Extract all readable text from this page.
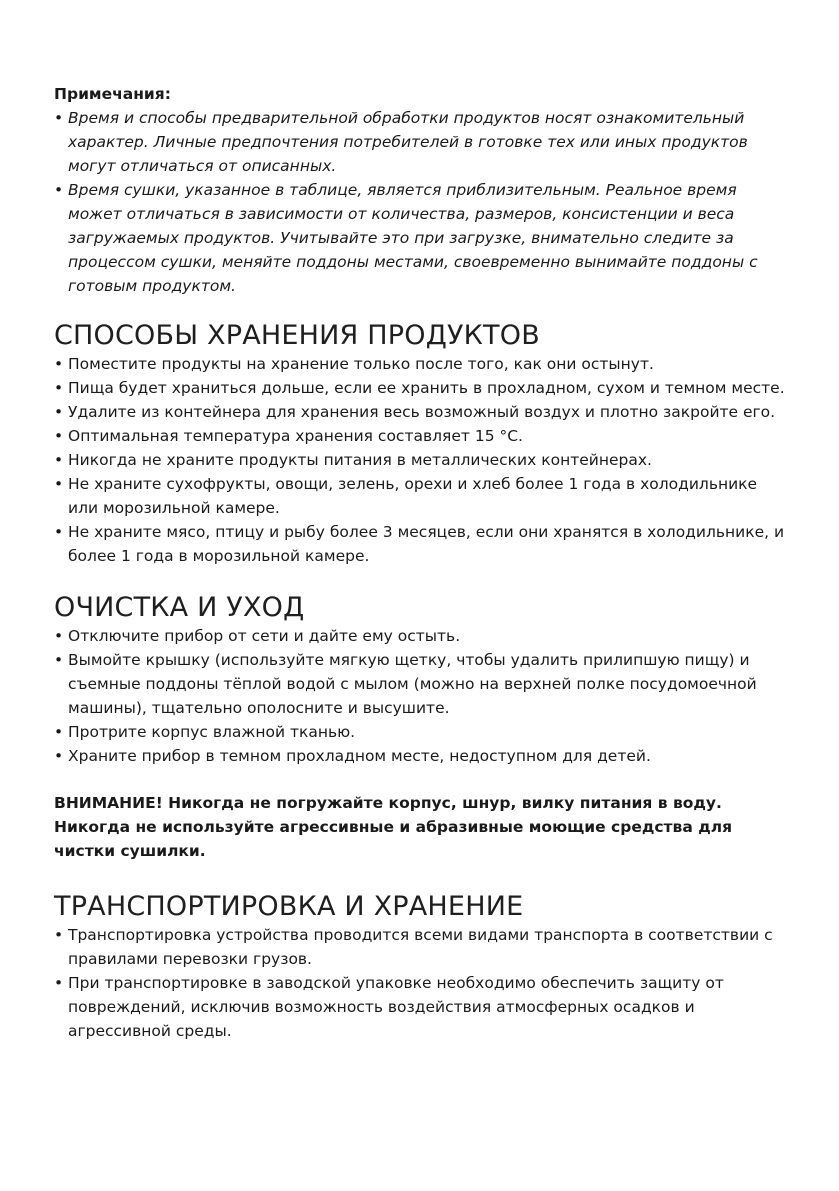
Примечания:

• Время и способы предварительной обработки продуктов носят ознакомительный характер. Личные предпочтения потребителей в готовке тех или иных продуктов могут отличаться от описанных.
• Время сушки, указанное в таблице, является приблизительным. Реальное время может отличаться в зависимости от количества, размеров, консистенции и веса загружаемых продуктов. Учитывайте это при загрузке, внимательно следите за процессом сушки, меняйте поддоны местами, своевременно вынимайте поддоны с готовым продуктом.
СПОСОБЫ ХРАНЕНИЯ ПРОДУКТОВ
• Поместите продукты на хранение только после того, как они остынут.
• Пища будет храниться дольше, если ее хранить в прохладном, сухом и темном месте.
• Удалите из контейнера для хранения весь возможный воздух и плотно закройте его.
• Оптимальная температура хранения составляет 15 °С.
• Никогда не храните продукты питания в металлических контейнерах.
• Не храните сухофрукты, овощи, зелень, орехи и хлеб более 1 года в холодильнике или морозильной камере.
• Не храните мясо, птицу и рыбу более 3 месяцев, если они хранятся в холодильнике, и более 1 года в морозильной камере.
ОЧИСТКА И УХОД
• Отключите прибор от сети и дайте ему остыть.
• Вымойте крышку (используйте мягкую щетку, чтобы удалить прилипшую пищу) и съемные поддоны тёплой водой с мылом (можно на верхней полке посудомоечной машины), тщательно ополосните и высушите.
• Протрите корпус влажной тканью.
• Храните прибор в темном прохладном месте, недоступном для детей.

ВНИМАНИЕ! Никогда не погружайте корпус, шнур, вилку питания в воду. Никогда не используйте агрессивные и абразивные моющие средства для чистки сушилки.

ТРАНСПОРТИРОВКА И ХРАНЕНИЕ
• Транспортировка устройства проводится всеми видами транспорта в соответствии с правилами перевозки грузов.
• При транспортировке в заводской упаковке необходимо обеспечить защиту от повреждений, исключив возможность воздействия атмосферных осадков и агрессивной среды.
